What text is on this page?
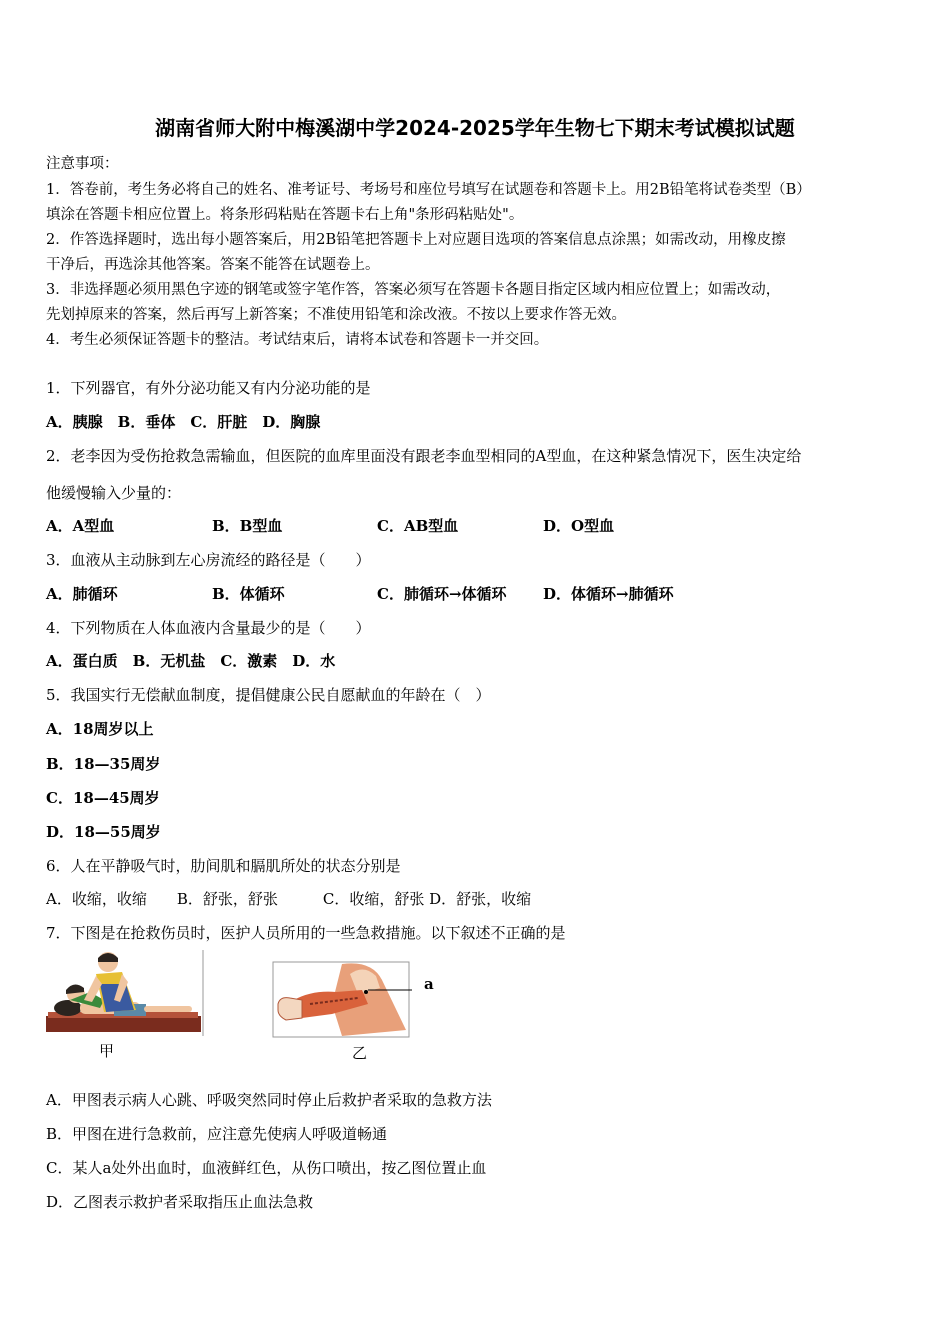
湖南省师大附中梅溪湖中学2024-2025学年生物七下期末考试模拟试题
注意事项：
1．答卷前，考生务必将自己的姓名、准考证号、考场号和座位号填写在试题卷和答题卡上。用2B铅笔将试卷类型（B）
填涂在答题卡相应位置上。将条形码粘贴在答题卡右上角"条形码粘贴处"。
2．作答选择题时，选出每小题答案后，用2B铅笔把答题卡上对应题目选项的答案信息点涂黑；如需改动，用橡皮擦
干净后，再选涂其他答案。答案不能答在试题卷上。
3．非选择题必须用黑色字迹的钢笔或签字笔作答，答案必须写在答题卡各题目指定区域内相应位置上；如需改动，
先划掉原来的答案，然后再写上新答案；不准使用铅笔和涂改液。不按以上要求作答无效。
4．考生必须保证答题卡的整洁。考试结束后，请将本试卷和答题卡一并交回。
1．下列器官，有外分泌功能又有内分泌功能的是
A．胰腺　B．垂体　C．肝脏　D．胸腺
2．老李因为受伤抢救急需输血，但医院的血库里面没有跟老李血型相同的A型血，在这种紧急情况下，医生决定给
他缓慢输入少量的：
A．A型血	B．B型血	C．AB型血	D．O型血
3．血液从主动脉到左心房流经的路径是（　　）
A．肺循环	B．体循环	C．肺循环→体循环 D．体循环→肺循环
4．下列物质在人体血液内含量最少的是（　　）
A．蛋白质　B．无机盐　C．激素　D．水
5．我国实行无偿献血制度，提倡健康公民自愿献血的年龄在（　）
A．18周岁以上
B．18—35周岁
C．18—45周岁
D．18—55周岁
6．人在平静吸气时，肋间肌和膈肌所处的状态分别是
A．收缩，收缩　　B．舒张，舒张　　　C．收缩，舒张 D．舒张，收缩
7．下图是在抢救伤员时，医护人员所用的一些急救措施。以下叙述不正确的是
甲
a
乙
A．甲图表示病人心跳、呼吸突然同时停止后救护者采取的急救方法
B．甲图在进行急救前，应注意先使病人呼吸道畅通
C．某人a处外出血时，血液鲜红色，从伤口喷出，按乙图位置止血
D．乙图表示救护者采取指压止血法急救
